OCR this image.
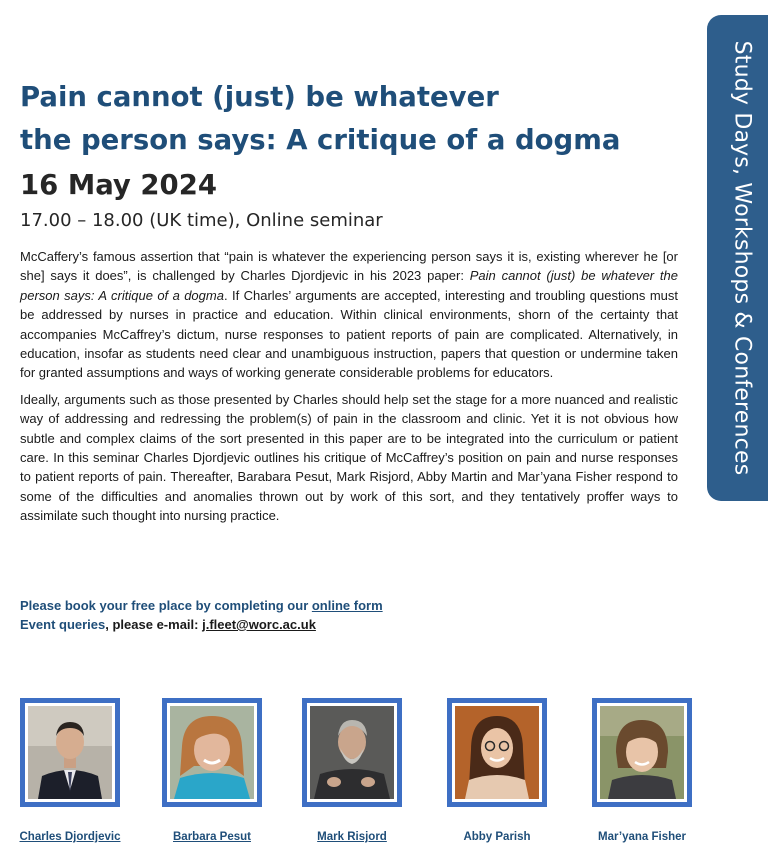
Study Days, Workshops & Conferences
Pain cannot (just) be whatever
the person says: A critique of a dogma
16 May 2024
17.00 – 18.00 (UK time), Online seminar

McCaffery’s famous assertion that “pain is whatever the experiencing person says it is, existing wherever he [or she] says it does”, is challenged by Charles Djordjevic in his 2023 paper: Pain cannot (just) be whatever the person says: A critique of a dogma. If Charles’ arguments are accepted, interesting and troubling questions must be addressed by nurses in practice and education. Within clinical environments, shorn of the certainty that accompanies McCaffrey’s dictum, nurse responses to patient reports of pain are complicated. Alternatively, in education, insofar as students need clear and unambiguous instruction, papers that question or undermine taken for granted assumptions and ways of working generate considerable problems for educators.

Ideally, arguments such as those presented by Charles should help set the stage for a more nuanced and realistic way of addressing and redressing the problem(s) of pain in the classroom and clinic. Yet it is not obvious how subtle and complex claims of the sort presented in this paper are to be integrated into the curriculum or patient care. In this seminar Charles Djordjevic outlines his critique of McCaffrey’s position on pain and nurse responses to patient reports of pain. Thereafter, Barabara Pesut, Mark Risjord, Abby Martin and Mar’yana Fisher respond to some of the difficulties and anomalies thrown out by work of this sort, and they tentatively proffer ways to assimilate such thought into nursing practice.

Please book your free place by completing our online form
Event queries, please e-mail: j.fleet@worc.ac.uk
Charles Djordjevic	Barbara Pesut	Mark Risjord	Abby Parish	Mar’yana Fisher
